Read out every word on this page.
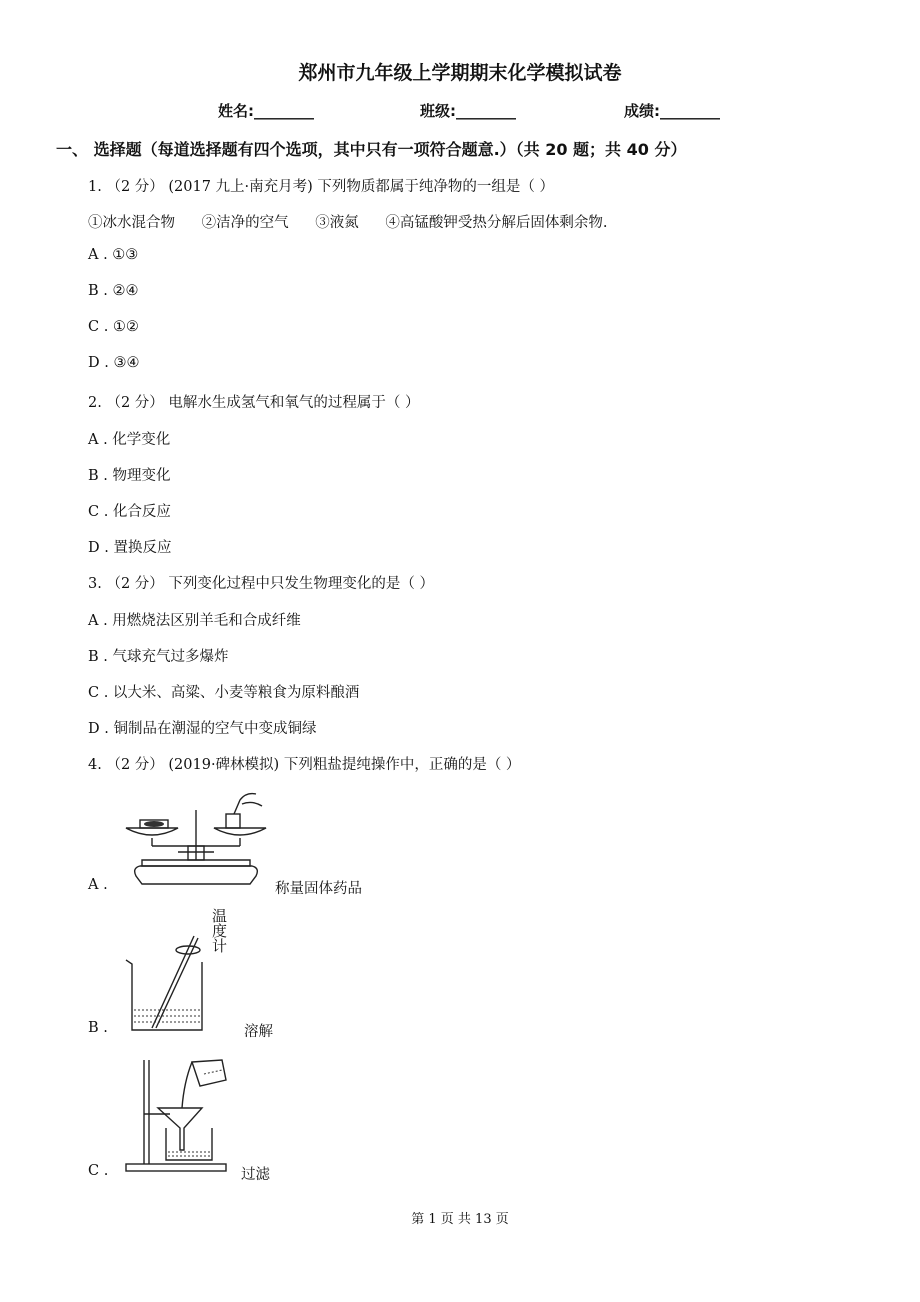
郑州市九年级上学期期末化学模拟试卷
姓名:________	班级:________	成绩:________
一、 选择题（每道选择题有四个选项，其中只有一项符合题意.）（共 20 题；共 40 分）
1. （2 分） (2017 九上·南充月考) 下列物质都属于纯净物的一组是（ ）
①冰水混合物 ②洁净的空气 ③液氮 ④高锰酸钾受热分解后固体剩余物.
A . ①③
B . ②④
C . ①②
D . ③④
2. （2 分） 电解水生成氢气和氧气的过程属于（ ）
A . 化学变化
B . 物理变化
C . 化合反应
D . 置换反应
3. （2 分） 下列变化过程中只发生物理变化的是（ ）
A . 用燃烧法区别羊毛和合成纤维
B . 气球充气过多爆炸
C . 以大米、高粱、小麦等粮食为原料酿酒
D . 铜制品在潮湿的空气中变成铜绿
4. （2 分） (2019·碑林模拟) 下列粗盐提纯操作中，正确的是（ ）
A .	称量固体药品
B .
温度计
溶解
C .	过滤
第 1 页 共 13 页
